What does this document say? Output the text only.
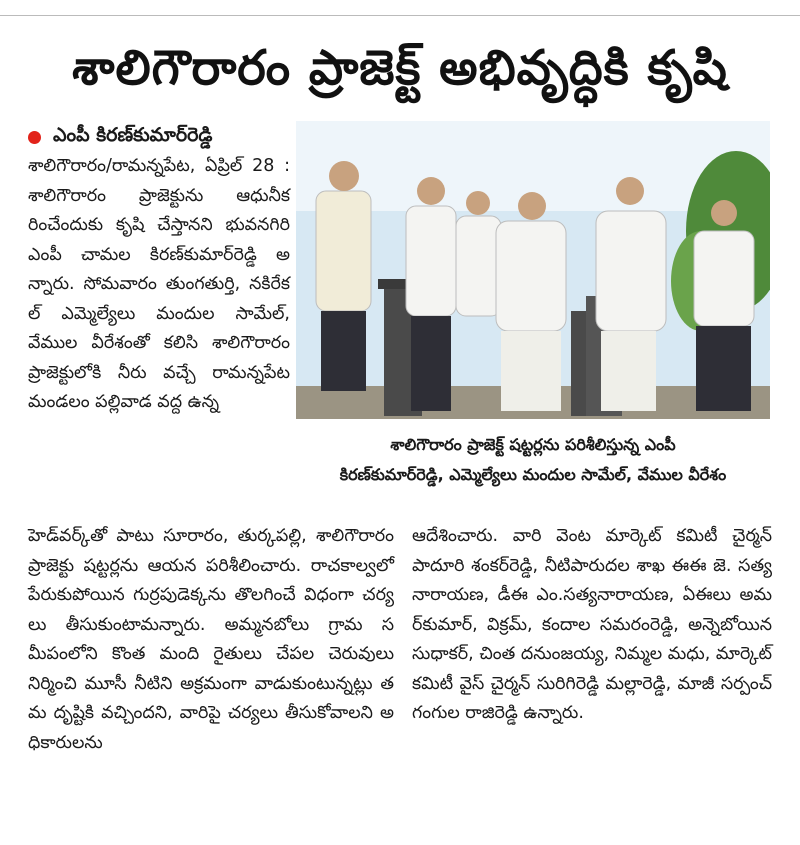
శాలిగౌరారం ప్రాజెక్ట్ అభివృద్ధికి కృషి
ఎంపీ కిరణ్‌కుమార్‌రెడ్డి
శాలిగౌరారం/రామన్నపేట, ఏప్రిల్ 28 : శాలిగౌరారం ప్రాజెక్టును ఆధునీకరించేందుకు కృషి చేస్తానని భువనగిరి ఎంపీ చామల కిరణ్‌కుమార్‌రెడ్డి అన్నారు. సోమవారం తుంగతుర్తి, నకిరేకల్ ఎమ్మెల్యేలు మందుల సామేల్, వేముల వీరేశంతో కలిసి శాలిగౌరారం ప్రాజెక్టులోకి నీరు వచ్చే రామన్నపేట మండలం పల్లివాడ వద్ద ఉన్న
శాలిగౌరారం ప్రాజెక్ట్ షట్టర్లను పరిశీలిస్తున్న ఎంపీ
కిరణ్‌కుమార్‌రెడ్డి, ఎమ్మెల్యేలు మందుల సామేల్, వేముల వీరేశం
హెడ్‌వర్క్‌తో పాటు సూరారం, తుర్కపల్లి, శాలిగౌరారం ప్రాజెక్టు షట్టర్లను ఆయన పరిశీలించారు. రాచకాల్వలో పేరుకుపోయిన గుర్రపుడెక్కను తొలగించే విధంగా చర్యలు తీసుకుంటామన్నారు. అమ్మనబోలు గ్రామ సమీపంలోని కొంత మంది రైతులు చేపల చెరువులు నిర్మించి మూసీ నీటిని అక్రమంగా వాడుకుంటున్నట్లు తమ దృష్టికి వచ్చిందని, వారిపై చర్యలు తీసుకోవాలని అధికారులను
ఆదేశించారు. వారి వెంట మార్కెట్ కమిటీ చైర్మన్ పాదూరి శంకర్‌రెడ్డి, నీటిపారుదల శాఖ ఈఈ జె. సత్యనారాయణ, డీఈ ఎం.సత్యనారాయణ, ఏఈలు అమర్‌కుమార్, విక్రమ్, కందాల సమరంరెడ్డి, అన్నెబోయిన సుధాకర్, చింత దనుంజయ్య, నిమ్మల మధు, మార్కెట్ కమిటీ వైస్ చైర్మన్ సురిగిరెడ్డి మల్లారెడ్డి, మాజీ సర్పంచ్ గంగుల రాజిరెడ్డి ఉన్నారు.
